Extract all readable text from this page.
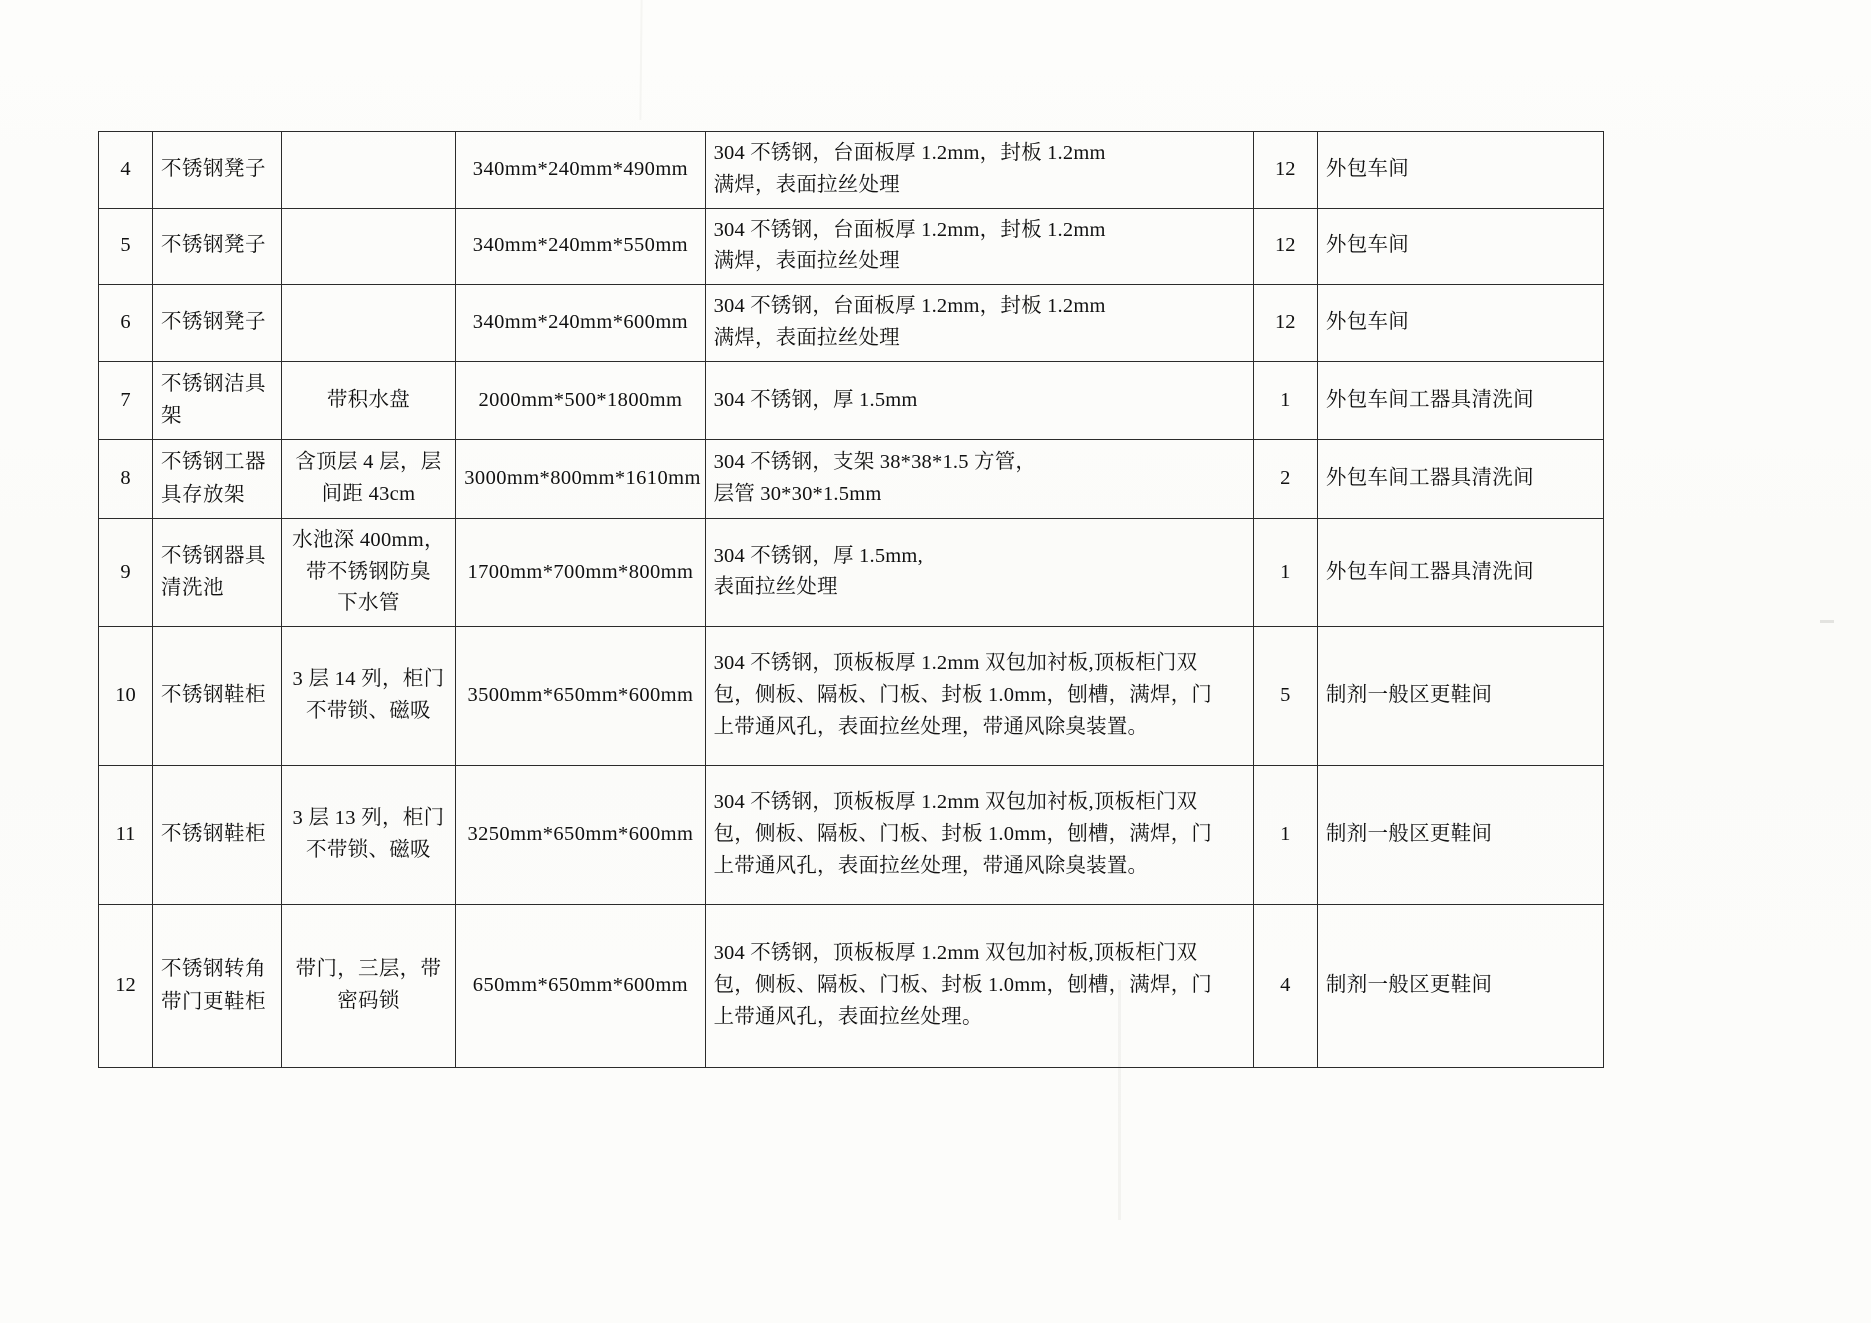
4	不锈钢凳子		340mm*240mm*490mm	304 不锈钢，台面板厚 1.2mm，封板 1.2mm
满焊，表面拉丝处理	12	外包车间
5	不锈钢凳子		340mm*240mm*550mm	304 不锈钢，台面板厚 1.2mm，封板 1.2mm
满焊，表面拉丝处理	12	外包车间
6	不锈钢凳子		340mm*240mm*600mm	304 不锈钢，台面板厚 1.2mm，封板 1.2mm
满焊，表面拉丝处理	12	外包车间
7	不锈钢洁具
架	带积水盘	2000mm*500*1800mm	304 不锈钢，厚 1.5mm	1	外包车间工器具清洗间
8	不锈钢工器
具存放架	含顶层 4 层，层
间距 43cm	3000mm*800mm*1610mm	304 不锈钢，支架 38*38*1.5 方管，
层管 30*30*1.5mm	2	外包车间工器具清洗间
9	不锈钢器具
清洗池	水池深 400mm，
带不锈钢防臭
下水管	1700mm*700mm*800mm	304 不锈钢，厚 1.5mm,
表面拉丝处理	1	外包车间工器具清洗间
10	不锈钢鞋柜	3 层 14 列，柜门
不带锁、磁吸	3500mm*650mm*600mm	304 不锈钢，顶板板厚 1.2mm 双包加衬板,顶板柜门双
包，侧板、隔板、门板、封板 1.0mm，刨槽，满焊，门
上带通风孔，表面拉丝处理，带通风除臭装置。	5	制剂一般区更鞋间
11	不锈钢鞋柜	3 层 13 列，柜门
不带锁、磁吸	3250mm*650mm*600mm	304 不锈钢，顶板板厚 1.2mm 双包加衬板,顶板柜门双
包，侧板、隔板、门板、封板 1.0mm，刨槽，满焊，门
上带通风孔，表面拉丝处理，带通风除臭装置。	1	制剂一般区更鞋间
12	不锈钢转角
带门更鞋柜	带门，三层，带
密码锁	650mm*650mm*600mm	304 不锈钢，顶板板厚 1.2mm 双包加衬板,顶板柜门双
包，侧板、隔板、门板、封板 1.0mm，刨槽，满焊，门
上带通风孔，表面拉丝处理。	4	制剂一般区更鞋间
